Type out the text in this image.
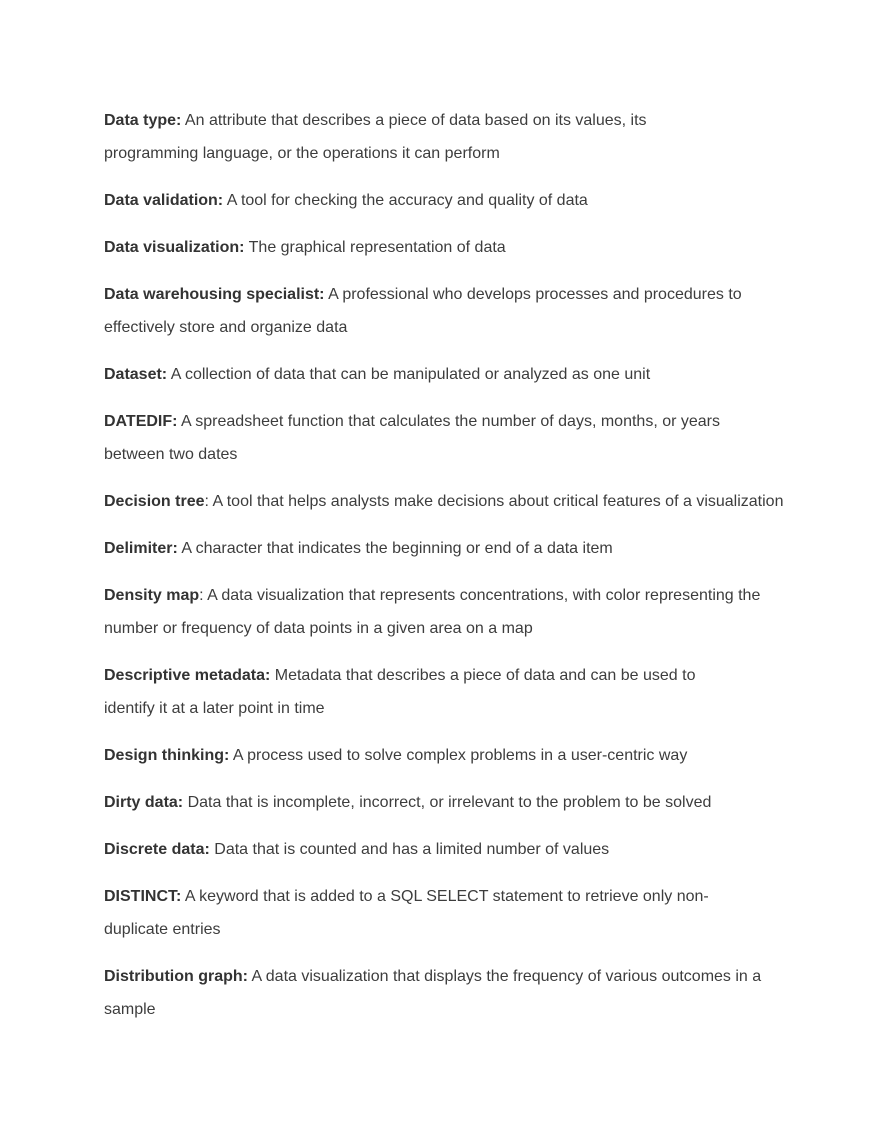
Data type: An attribute that describes a piece of data based on its values, its programming language, or the operations it can perform

Data validation: A tool for checking the accuracy and quality of data

Data visualization: The graphical representation of data

Data warehousing specialist: A professional who develops processes and procedures to effectively store and organize data

Dataset: A collection of data that can be manipulated or analyzed as one unit

DATEDIF: A spreadsheet function that calculates the number of days, months, or years between two dates

Decision tree: A tool that helps analysts make decisions about critical features of a visualization

Delimiter: A character that indicates the beginning or end of a data item

Density map: A data visualization that represents concentrations, with color representing the number or frequency of data points in a given area on a map

Descriptive metadata: Metadata that describes a piece of data and can be used to identify it at a later point in time

Design thinking: A process used to solve complex problems in a user-centric way

Dirty data: Data that is incomplete, incorrect, or irrelevant to the problem to be solved

Discrete data: Data that is counted and has a limited number of values

DISTINCT: A keyword that is added to a SQL SELECT statement to retrieve only non-duplicate entries

Distribution graph: A data visualization that displays the frequency of various outcomes in a sample
